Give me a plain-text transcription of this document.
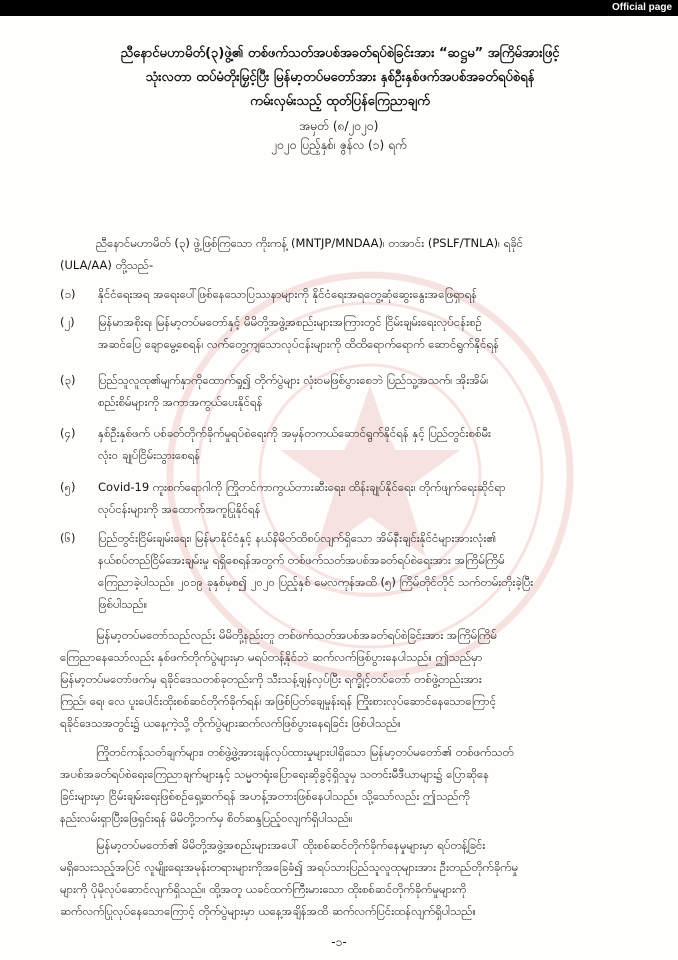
Official page
ညီနောင်မဟာမိတ်(၃)ဖွဲ့၏ တစ်ဖက်သတ်အပစ်အခတ်ရပ်စဲခြင်းအား “ဆဋ္ဌမ” အကြိမ်အားဖြင့်
သုံးလတာ ထပ်မံတိုးမြှင့်ပြီး မြန်မာ့တပ်မတော်အား နှစ်ဦးနှစ်ဖက်အပစ်အခတ်ရပ်စဲရန်
ကမ်းလှမ်းသည့် ထုတ်ပြန်ကြေညာချက်
အမှတ် (၈/၂၀၂၀)
၂၀၂၀ ပြည့်နှစ်၊ ဇွန်လ (၁) ရက်
ညီနောင်မဟာမိတ် (၃) ဖွဲ့ဖြစ်ကြသော ကိုးကန့် (MNTJP/MNDAA)၊ တအာင်း (PSLF/TNLA)၊ ရခိုင်
(ULA/AA) တို့သည်-
(၁)	နိုင်ငံရေးအရ အရေးပေါ်ဖြစ်နေသောပြဿနာများကို နိုင်ငံရေးအရတွေ့ဆုံဆွေးနွေးအဖြေရှာရန်
(၂)	မြန်မာအစိုးရ၊ မြန်မာ့တပ်မတော်နှင့် မိမိတို့အဖွဲ့အစည်းများအကြားတွင် ငြိမ်းချမ်းရေးလုပ်ငန်းစဉ်
အဆင်ပြေ ချောမွေ့စေရန်၊ လက်တွေ့ကျသောလုပ်ငန်းများကို ထိထိရောက်ရောက် ဆောင်ရွက်နိုင်ရန်
(၃)	ပြည်သူလူထု၏မျက်နှာကိုထောက်ရှု၍ တိုက်ပွဲများ လုံးဝမဖြစ်ပွားစေဘဲ ပြည်သူ့အသက်၊ အိုးအိမ်၊
စည်းစိမ်များကို အကာအကွယ်ပေးနိုင်ရန်
(၄)	နှစ်ဦးနှစ်ဖက် ပစ်ခတ်တိုက်ခိုက်မှုရပ်စဲရေးကို အမှန်တကယ်ဆောင်ရွက်နိုင်ရန် နှင့် ပြည်တွင်းစစ်မီး
လုံးဝ ချုပ်ငြိမ်းသွားစေရန်
(၅)	Covid-19 ကူးစက်ရောဂါကို ကြိုတင်ကာကွယ်တားဆီးရေး၊ ထိန်းချုပ်နိုင်ရေး၊ တိုက်ဖျက်ရေးဆိုင်ရာ
လုပ်ငန်းများကို အထောက်အကူပြုနိုင်ရန်
(၆)	ပြည်တွင်းငြိမ်းချမ်းရေး၊ မြန်မာနိုင်ငံနှင့် နယ်နိမိတ်ထိစပ်လျက်ရှိသော အိမ်နီးချင်းနိုင်ငံများအားလုံး၏
နယ်စပ်တည်ငြိမ်အေးချမ်းမှု ရရှိစေရန်အတွက် တစ်ဖက်သတ်အပစ်အခတ်ရပ်စဲရေးအား အကြိမ်ကြိမ်
ကြေညာခဲ့ပါသည်။ ၂၀၁၉ ခုနှစ်မှစ၍ ၂၀၂၀ ပြည့်နှစ် မေလကုန်အထိ (၅) ကြိမ်တိုင်တိုင် သက်တမ်းတိုးခဲ့ပြီး
ဖြစ်ပါသည်။
မြန်မာ့တပ်မတော်သည်လည်း မိမိတို့နည်းတူ တစ်ဖက်သတ်အပစ်အခတ်ရပ်စဲခြင်းအား အကြိမ်ကြိမ်
ကြေညာနေသော်လည်း နှစ်ဖက်တိုက်ပွဲများမှာ မရပ်တန့်နိုင်ဘဲ ဆက်လက်ဖြစ်ပွားနေပါသည်။ ဤသည်မှာ
မြန်မာ့တပ်မတော်ဖက်မှ ရခိုင်ဒေသတစ်ခုတည်းကို သီးသန့်ချန်လှပ်ပြီး ရက္ခိုင့်တပ်တော် တစ်ဖွဲ့တည်းအား
ကြည်၊ ရေ၊ လေ ပူးပေါင်းထိုးစစ်ဆင်တိုက်ခိုက်ရန်၊ အဖြစ်ပြတ်ချေမှုန်းရန် ကြိုးစားလုပ်ဆောင်နေသောကြောင့်
ရခိုင်ဒေသအတွင်း၌ ယနေ့ကဲ့သို့ တိုက်ပွဲများဆက်လက်ဖြစ်ပွားနေရခြင်း ဖြစ်ပါသည်။
ကြိုတင်ကန့်သတ်ချက်များ၊ တစ်ဖွဲ့ဖွဲ့အားချန်လှပ်ထားမှုများပါရှိသော မြန်မာ့တပ်မတော်၏ တစ်ဖက်သတ်
အပစ်အခတ်ရပ်စဲရေးကြေညာချက်များနှင့် သမ္မတရုံးပြောရေးဆိုခွင့်ရှိသူမှ သတင်းမီဒီယာများ၌ ပြောဆိုနေ
ခြင်းများမှာ ငြိမ်းချမ်းရေးဖြစ်စဉ်ရှေ့ဆက်ရန် အဟန့်အတားဖြစ်နေပါသည်။ သို့သော်လည်း ဤသည်ကို
နည်းလမ်းရှာပြီးဖြေရှင်းရန် မိမိတို့ဘက်မှ စိတ်ဆန္ဒပြည့်ဝလျက်ရှိပါသည်။
မြန်မာ့တပ်မတော်၏ မိမိတို့အဖွဲ့အစည်းများအပေါ် ထိုးစစ်ဆင်တိုက်ခိုက်နေမှုများမှာ ရပ်တန့်ခြင်း
မရှိသေးသည့်အပြင် လူမျိုးရေးအမုန်းတရားများကိုအခြေခံ၍ အရပ်သားပြည်သူလူထုများအား ဦးတည်တိုက်ခိုက်မှု
များကို ပိုမိုလုပ်ဆောင်လျက်ရှိသည်။ ထို့အတူ ယခင်ထက်ကြီးမားသော ထိုးစစ်ဆင်တိုက်ခိုက်မှုများကို
ဆက်လက်ပြုလုပ်နေသောကြောင့် တိုက်ပွဲများမှာ ယနေ့အချိန်အထိ ဆက်လက်ပြင်းထန်လျက်ရှိပါသည်။
-၁-
